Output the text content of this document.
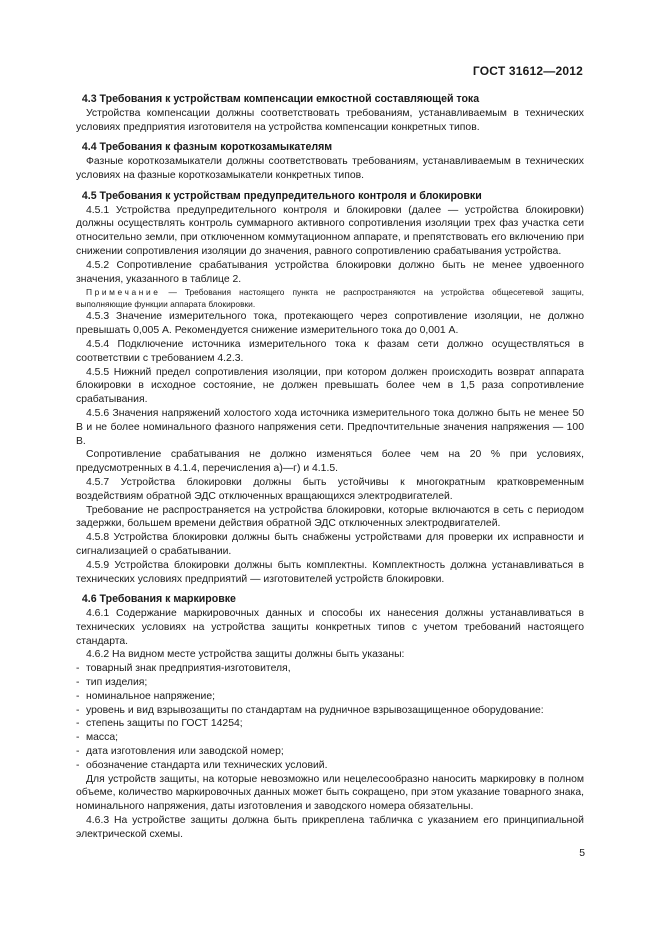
ГОСТ 31612—2012

4.3 Требования к устройствам компенсации емкостной составляющей тока

Устройства компенсации должны соответствовать требованиям, устанавливаемым в технических условиях предприятия изготовителя на устройства компенсации конкретных типов.

4.4 Требования к фазным короткозамыкателям

Фазные короткозамыкатели должны соответствовать требованиям, устанавливаемым в технических условиях на фазные короткозамыкатели конкретных типов.

4.5 Требования к устройствам предупредительного контроля и блокировки

4.5.1 Устройства предупредительного контроля и блокировки (далее — устройства блокировки) должны осуществлять контроль суммарного активного сопротивления изоляции трех фаз участка сети относительно земли, при отключенном коммутационном аппарате, и препятствовать его включению при снижении сопротивления изоляции до значения, равного сопротивлению срабатывания устройства.

4.5.2 Сопротивление срабатывания устройства блокировки должно быть не менее удвоенного значения, указанного в таблице 2.

Примечание — Требования настоящего пункта не распространяются на устройства общесетевой защиты, выполняющие функции аппарата блокировки.

4.5.3 Значение измерительного тока, протекающего через сопротивление изоляции, не должно превышать 0,005 А. Рекомендуется снижение измерительного тока до 0,001 А.

4.5.4 Подключение источника измерительного тока к фазам сети должно осуществляться в соответствии с требованием 4.2.3.

4.5.5 Нижний предел сопротивления изоляции, при котором должен происходить возврат аппарата блокировки в исходное состояние, не должен превышать более чем в 1,5 раза сопротивление срабатывания.

4.5.6 Значения напряжений холостого хода источника измерительного тока должно быть не менее 50 В и не более номинального фазного напряжения сети. Предпочтительные значения напряжения — 100 В.

Сопротивление срабатывания не должно изменяться более чем на 20 % при условиях, предусмотренных в 4.1.4, перечисления а)—г) и 4.1.5.

4.5.7 Устройства блокировки должны быть устойчивы к многократным кратковременным воздействиям обратной ЭДС отключенных вращающихся электродвигателей.

Требование не распространяется на устройства блокировки, которые включаются в сеть с периодом задержки, большем времени действия обратной ЭДС отключенных электродвигателей.

4.5.8 Устройства блокировки должны быть снабжены устройствами для проверки их исправности и сигнализацией о срабатывании.

4.5.9 Устройства блокировки должны быть комплектны. Комплектность должна устанавливаться в технических условиях предприятий — изготовителей устройств блокировки.

4.6 Требования к маркировке

4.6.1 Содержание маркировочных данных и способы их нанесения должны устанавливаться в технических условиях на устройства защиты конкретных типов с учетом требований настоящего стандарта.

4.6.2 На видном месте устройства защиты должны быть указаны:

- товарный знак предприятия-изготовителя,
- тип изделия;
- номинальное напряжение;
- уровень и вид взрывозащиты по стандартам на рудничное взрывозащищенное оборудование:
- степень защиты по ГОСТ 14254;
- масса;
- дата изготовления или заводской номер;
- обозначение стандарта или технических условий.

Для устройств защиты, на которые невозможно или нецелесообразно наносить маркировку в полном объеме, количество маркировочных данных может быть сокращено, при этом указание товарного знака, номинального напряжения, даты изготовления и заводского номера обязательны.

4.6.3 На устройстве защиты должна быть прикреплена табличка с указанием его принципиальной электрической схемы.

5
